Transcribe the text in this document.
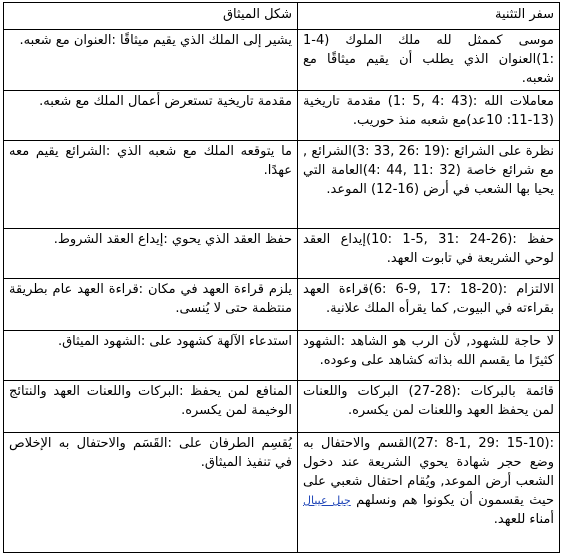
سفر التثنية	شكل الميثاق
موسى كممثل لله ملك الملوك (4-1 :1)العنوان الذي يطلب أن يقيم ميثاقًا مع شعبه.	يشير إلى الملك الذي يقيم ميثاقًا :العنوان مع شعبه.
معاملات الله :(43 :4 ,5 :1) مقدمة تاريخية (13-11: 10عد)مع شعبه منذ حوريب.	مقدمة تاريخية تستعرض أعمال الملك مع شعبه.
نظرة على الشرائع :(19 :26 ,33 :3)الشرائع , مع شرائع خاصة (32 :11 ,44 :4)العامة التي يحيا بها الشعب في أرض (16-12) الموعد.	ما يتوقعه الملك مع شعبه الذي :الشرائع يقيم معه عهدًا.
حفظ :(26-24 :31 ,5-1 :10)إيداع العقد لوحي الشريعة في تابوت العهد.	حفظ العقد الذي يحوي :إيداع العقد الشروط.
الالتزام :(20-18 :17 ,9-6 :6)قراءة العهد بقراءته في البيوت, كما يقرأه الملك علانية.	يلزم قراءة العهد في مكان :قراءة العهد عام بطريقة منتظمة حتى لا يُنسى.
لا حاجة للشهود, لأن الرب هو الشاهد :الشهود كثيرًا ما يقسم الله بذاته كشاهد على وعوده.	استدعاء الآلهة كشهود على :الشهود الميثاق.
قائمة بالبركات :(28-27) البركات واللعنات لمن يحفظ العهد واللعنات لمن يكسره.	المنافع لمن يحفظ :البركات واللعنات العهد والنتائج الوخيمة لمن يكسره.
:(15-10 :29 ,8-1 :27)القسم والاحتفال به وضع حجر شهادة يحوي الشريعة عند دخول الشعب أرض الموعد, ويُقام احتفال شعبي على حيث يقسمون أن يكونوا هم ونسلهم جبل عيبال أمناء للعهد.	يُقسِم الطرفان على :القَسَم والاحتفال به الإخلاص في تنفيذ الميثاق.
